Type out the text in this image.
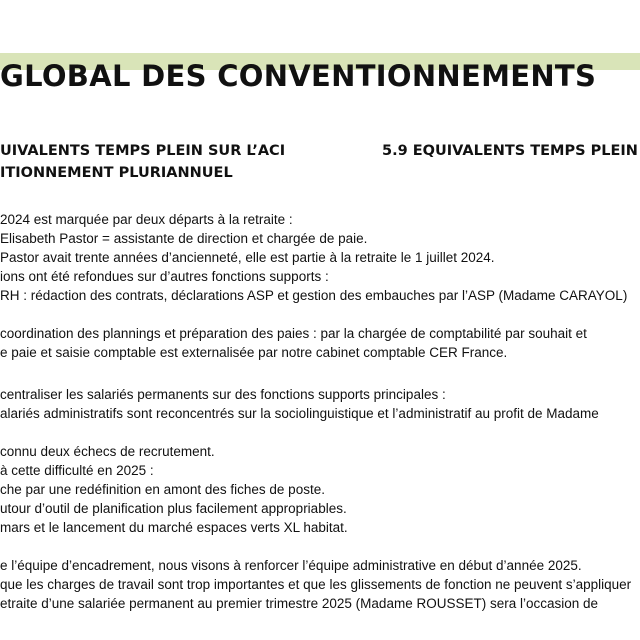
GLOBAL DES CONVENTIONNEMENTS
UIVALENTS TEMPS PLEIN SUR L’ACI
ITIONNEMENT PLURIANNUEL
5.9 EQUIVALENTS TEMPS PLEIN
2024 est marquée par deux départs à la retraite :
Elisabeth Pastor = assistante de direction et chargée de paie.
Pastor avait trente années d’ancienneté, elle est partie à la retraite le 1 juillet 2024.
ions ont été refondues sur d’autres fonctions supports :
RH : rédaction des contrats, déclarations ASP et gestion des embauches par l’ASP (Madame CARAYOL)
coordination des plannings et préparation des paies : par la chargée de comptabilité par souhait et
e paie et saisie comptable est externalisée par notre cabinet comptable CER France.
centraliser les salariés permanents sur des fonctions supports principales :
alariés administratifs sont reconcentrés sur la sociolinguistique et l’administratif au profit de Madame
connu deux échecs de recrutement.
à cette difficulté en 2025 :
che par une redéfinition en amont des fiches de poste.
utour d’outil de planification plus facilement appropriables.
mars et le lancement du marché espaces verts XL habitat.
e l’équipe d’encadrement, nous visons à renforcer l’équipe administrative en début d’année 2025.
que les charges de travail sont trop importantes et que les glissements de fonction ne peuvent s’appliquer
etraite d’une salariée permanent au premier trimestre 2025 (Madame ROUSSET) sera l’occasion de
